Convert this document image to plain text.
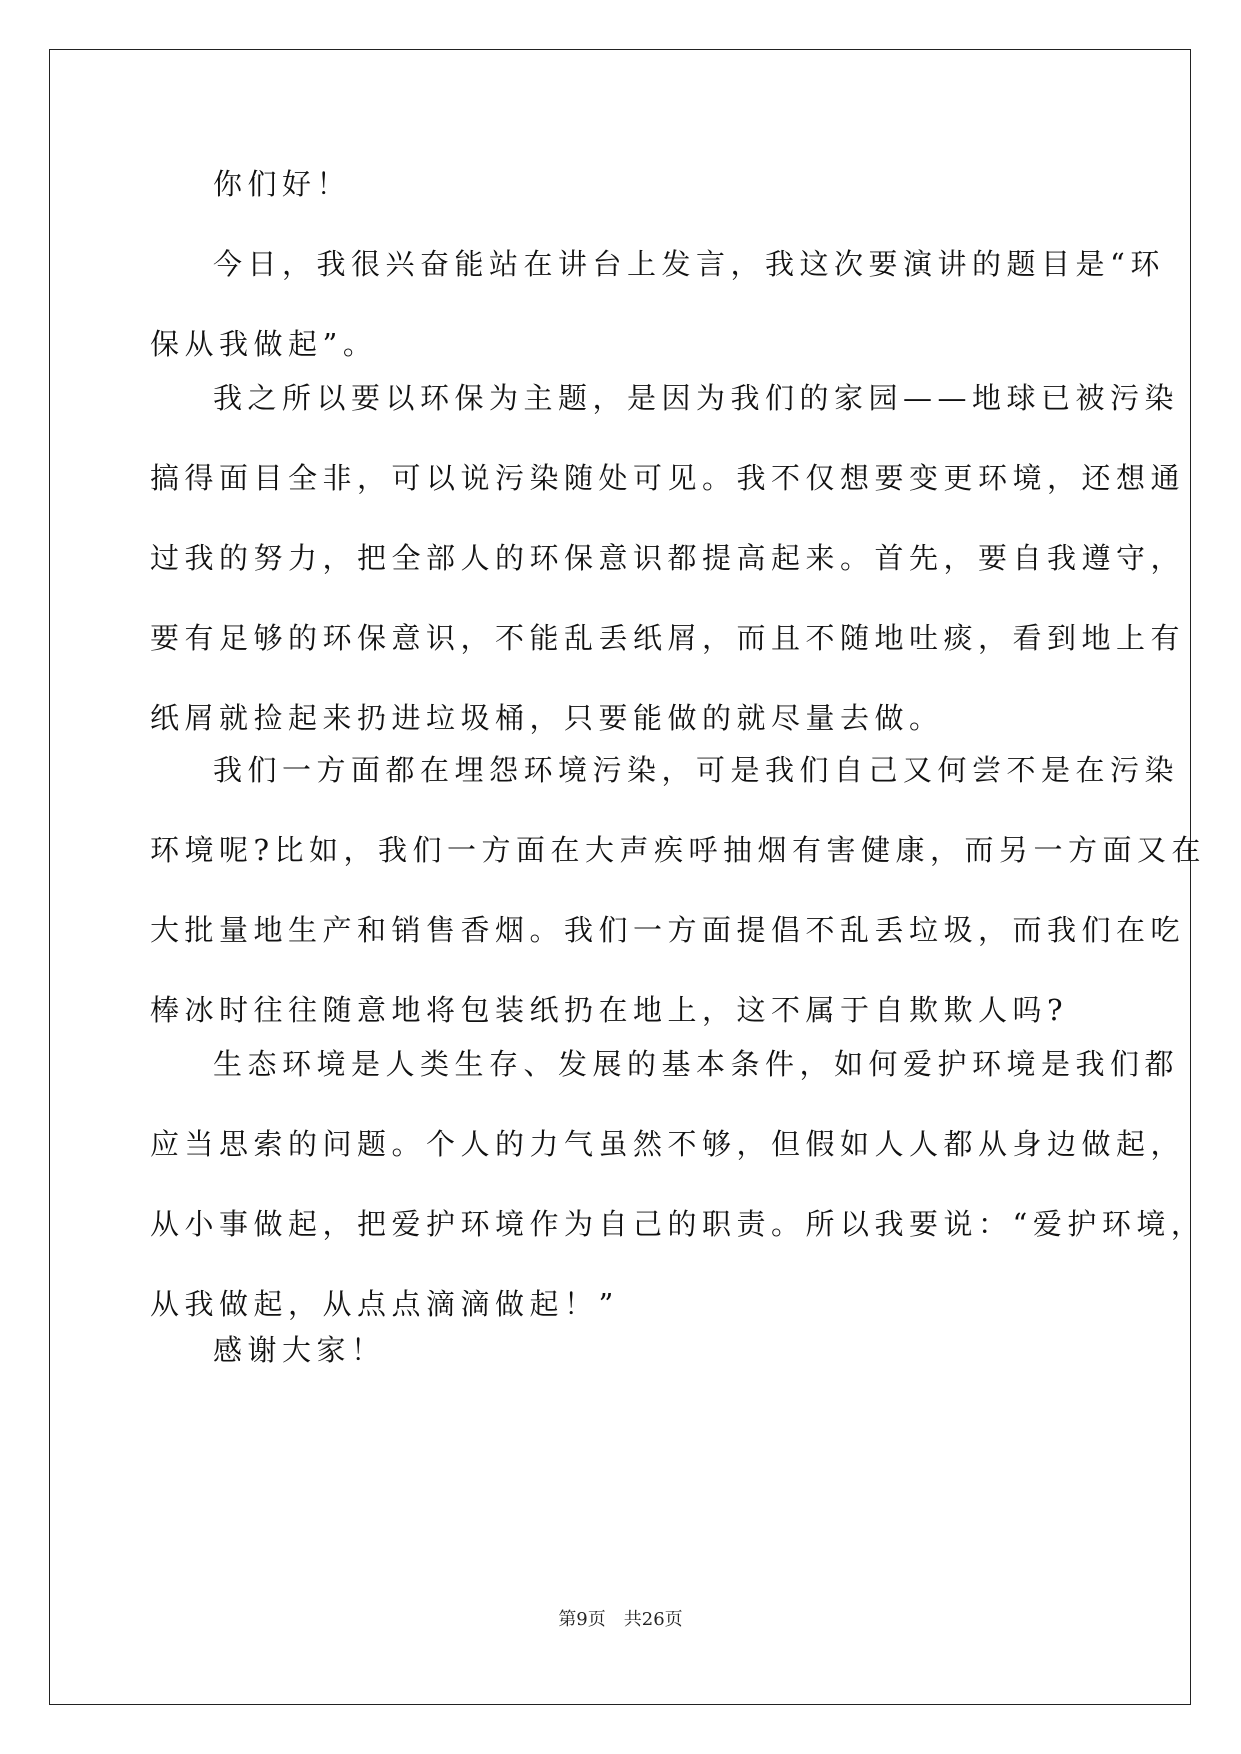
你们好！

今日，我很兴奋能站在讲台上发言，我这次要演讲的题目是“环
保从我做起”。

我之所以要以环保为主题，是因为我们的家园——地球已被污染
搞得面目全非，可以说污染随处可见。我不仅想要变更环境，还想通
过我的努力，把全部人的环保意识都提高起来。首先，要自我遵守，
要有足够的环保意识，不能乱丢纸屑，而且不随地吐痰，看到地上有
纸屑就捡起来扔进垃圾桶，只要能做的就尽量去做。

我们一方面都在埋怨环境污染，可是我们自己又何尝不是在污染
环境呢?比如，我们一方面在大声疾呼抽烟有害健康，而另一方面又在
大批量地生产和销售香烟。我们一方面提倡不乱丢垃圾，而我们在吃
棒冰时往往随意地将包装纸扔在地上，这不属于自欺欺人吗?

生态环境是人类生存、发展的基本条件，如何爱护环境是我们都
应当思索的问题。个人的力气虽然不够，但假如人人都从身边做起，
从小事做起，把爱护环境作为自己的职责。所以我要说：“爱护环境，
从我做起，从点点滴滴做起！”

感谢大家！

第9页　共26页
